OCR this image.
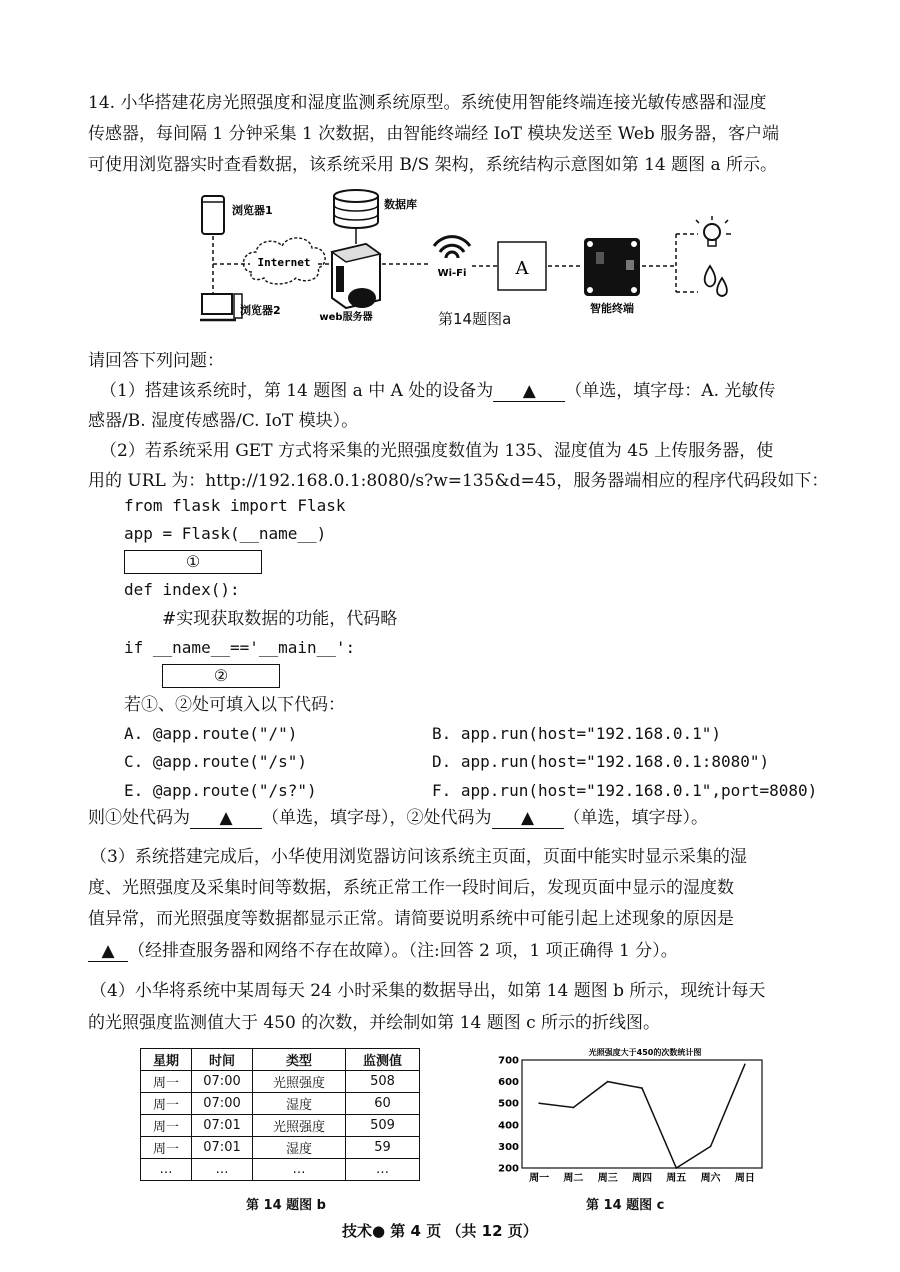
14. 小华搭建花房光照强度和湿度监测系统原型。系统使用智能终端连接光敏传感器和湿度
传感器，每间隔 1 分钟采集 1 次数据，由智能终端经 IoT 模块发送至 Web 服务器，客户端
可使用浏览器实时查看数据，该系统采用 B/S 架构，系统结构示意图如第 14 题图 a 所示。
浏览器1
浏览器2
Internet
数据库
web服务器
Wi-Fi	A
智能终端
第14题图a
请回答下列问题：
（1）搭建该系统时，第 14 题图 a 中 A 处的设备为 ▲ （单选，填字母：A. 光敏传
感器/B. 湿度传感器/C. IoT 模块）。
（2）若系统采用 GET 方式将采集的光照强度数值为 135、湿度值为 45 上传服务器，使
用的 URL 为：http://192.168.0.1:8080/s?w=135&d=45，服务器端相应的程序代码段如下：
from flask import Flask
app = Flask(__name__)
①
def index():
#实现获取数据的功能，代码略
if __name__=='__main__':
②
若①、②处可填入以下代码：
A. @app.route("/")	B. app.run(host="192.168.0.1")
C. @app.route("/s")	D. app.run(host="192.168.0.1:8080")
E. @app.route("/s?")	F. app.run(host="192.168.0.1",port=8080)
则①处代码为 ▲ （单选，填字母），②处代码为 ▲ （单选，填字母）。
（3）系统搭建完成后，小华使用浏览器访问该系统主页面，页面中能实时显示采集的湿
度、光照强度及采集时间等数据，系统正常工作一段时间后，发现页面中显示的湿度数
值异常，而光照强度等数据都显示正常。请简要说明系统中可能引起上述现象的原因是
▲ （经排查服务器和网络不存在故障）。（注:回答 2 项，1 项正确得 1 分）。
（4）小华将系统中某周每天 24 小时采集的数据导出，如第 14 题图 b 所示，现统计每天
的光照强度监测值大于 450 的次数，并绘制如第 14 题图 c 所示的折线图。
星期	时间	类型	监测值
周一	07:00	光照强度	508
周一	07:00	湿度	60
周一	07:01	光照强度	509
周一	07:01	湿度	59
…	…	…	…
第 14 题图 b
光照强度大于450的次数统计图
200
300
400
500
600
700
周一 周二 周三 周四 周五 周六 周日
第 14 题图 c
技术● 第 4 页 （共 12 页）
